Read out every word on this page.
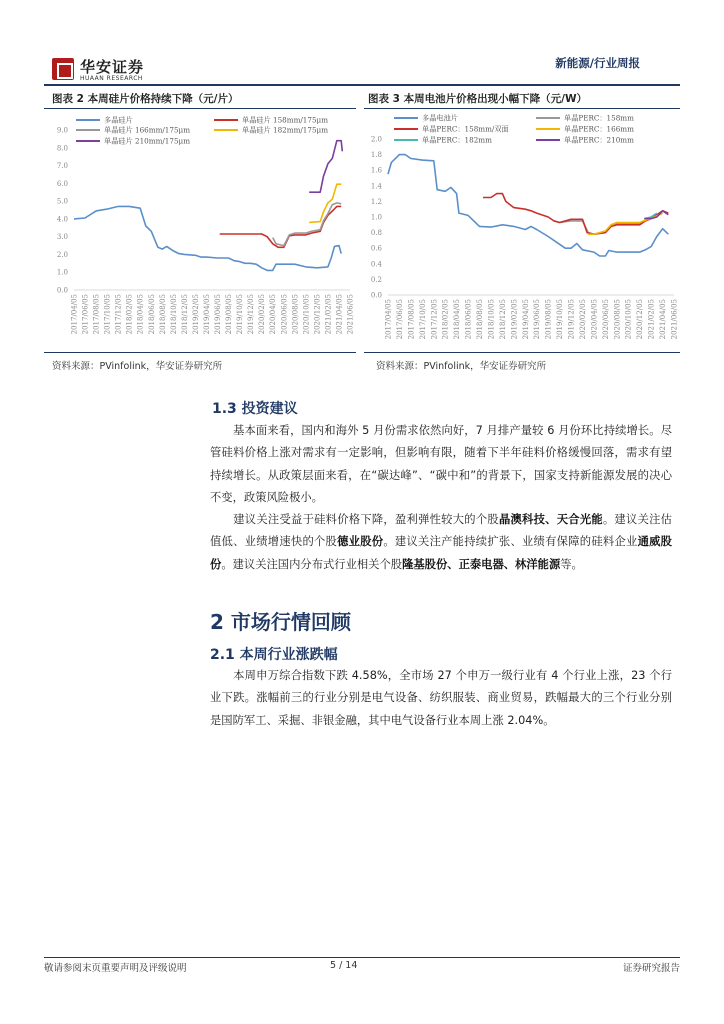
华安证券
HUAAN RESEARCH
新能源/行业周报
图表 2 本周硅片价格持续下降（元/片）
0.0
1.0
2.0
3.0
4.0
5.0
6.0
7.0
8.0
9.0
2017/04/05 2017/06/05 2017/08/05 2017/10/05 2017/12/05 2018/02/05 2018/04/05 2018/06/05 2018/08/05 2018/10/05 2018/12/05 2019/02/05 2019/04/05 2019/06/05 2019/08/05 2019/10/05 2019/12/05 2020/02/05 2020/04/05 2020/06/05 2020/08/05 2020/10/05 2020/12/05 2021/02/05 2021/04/05 2021/06/05
多晶硅片	单晶硅片 158mm/175μm
单晶硅片 166mm/175μm	单晶硅片 182mm/175μm
单晶硅片 210mm/175μm
资料来源：PVinfolink，华安证券研究所
图表 3 本周电池片价格出现小幅下降（元/W）
0.0
0.2
0.4
0.6
0.8
1.0
1.2
1.4
1.6
1.8
2.0
2017/04/05 2017/06/05 2017/08/05 2017/10/05 2017/12/05 2018/02/05 2018/04/05 2018/06/05 2018/08/05 2018/10/05 2018/12/05 2019/02/05 2019/04/05 2019/06/05 2019/08/05 2019/10/05 2019/12/05 2020/02/05 2020/04/05 2020/06/05 2020/08/05 2020/10/05 2020/12/05 2021/02/05 2021/04/05 2021/06/05
多晶电池片	单晶PERC：158mm
单晶PERC：158mm/双面	单晶PERC：166mm
单晶PERC：182mm	单晶PERC：210mm
资料来源：PVinfolink，华安证券研究所
1.3 投资建议
基本面来看，国内和海外 5 月份需求依然向好，7 月排产量较 6 月份环比持续增长。尽管硅料价格上涨对需求有一定影响，但影响有限，随着下半年硅料价格缓慢回落，需求有望持续增长。从政策层面来看，在“碳达峰”、“碳中和”的背景下，国家支持新能源发展的决心不变，政策风险极小。
建议关注受益于硅料价格下降，盈利弹性较大的个股晶澳科技、天合光能。建议关注估值低、业绩增速快的个股德业股份。建议关注产能持续扩张、业绩有保障的硅料企业通威股份。建议关注国内分布式行业相关个股隆基股份、正泰电器、林洋能源等。
2 市场行情回顾
2.1 本周行业涨跌幅
本周申万综合指数下跌 4.58%，全市场 27 个申万一级行业有 4 个行业上涨，23 个行业下跌。涨幅前三的行业分别是电气设备、纺织服装、商业贸易，跌幅最大的三个行业分别是国防军工、采掘、非银金融，其中电气设备行业本周上涨 2.04%。
敬请参阅末页重要声明及评级说明	5 / 14	证券研究报告
